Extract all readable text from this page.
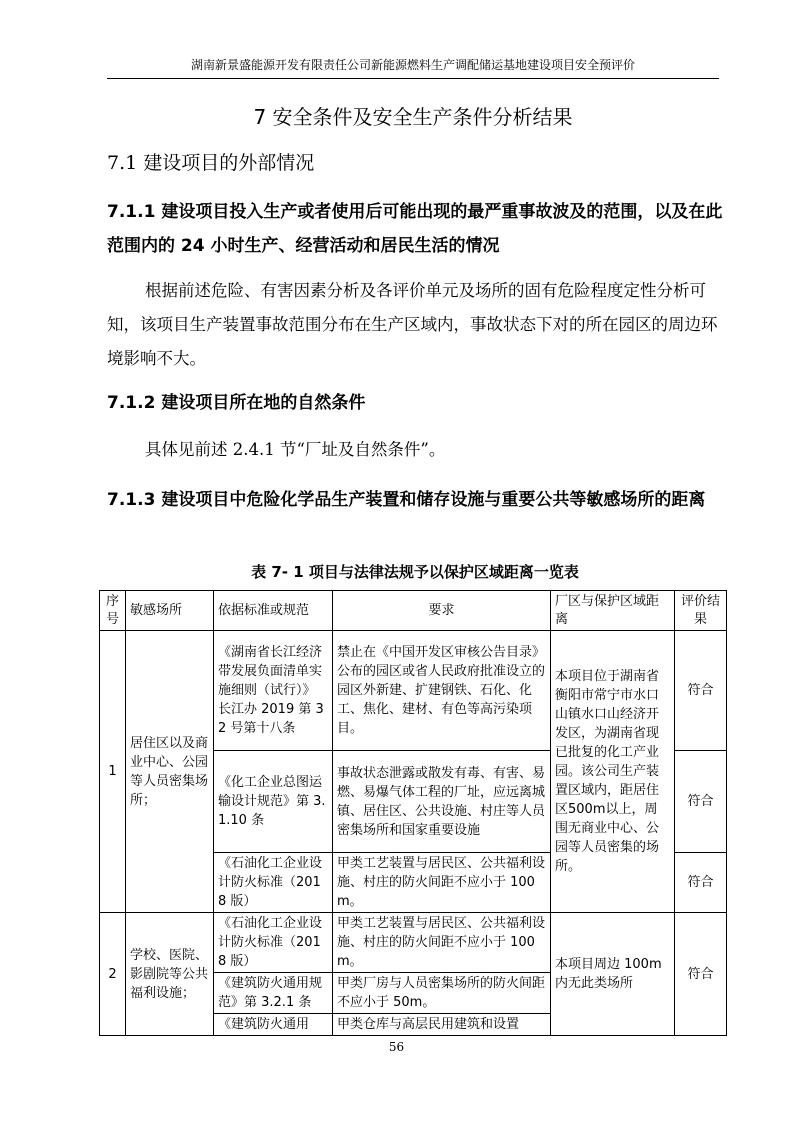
湖南新景盛能源开发有限责任公司新能源燃料生产调配储运基地建设项目安全预评价
7 安全条件及安全生产条件分析结果
7.1 建设项目的外部情况
7.1.1 建设项目投入生产或者使用后可能出现的最严重事故波及的范围，以及在此范围内的 24 小时生产、经营活动和居民生活的情况
根据前述危险、有害因素分析及各评价单元及场所的固有危险程度定性分析可知，该项目生产装置事故范围分布在生产区域内，事故状态下对的所在园区的周边环境影响不大。
7.1.2 建设项目所在地的自然条件
具体见前述 2.4.1 节“厂址及自然条件”。
7.1.3 建设项目中危险化学品生产装置和储存设施与重要公共等敏感场所的距离
表 7- 1 项目与法律法规予以保护区域距离一览表
序号	敏感场所	依据标准或规范	要求	厂区与保护区域距离	评价结果
1	居住区以及商业中心、公园等人员密集场所；	《湖南省长江经济带发展负面清单实施细则（试行）》长江办 2019 第 32 号第十八条	禁止在《中国开发区审核公告目录》公布的园区或省人民政府批准设立的园区外新建、扩建钢铁、石化、化工、焦化、建材、有色等高污染项目。	本项目位于湖南省衡阳市常宁市水口山镇水口山经济开发区，为湖南省现已批复的化工产业园。该公司生产装置区域内，距居住区500m以上，周围无商业中心、公园等人员密集的场所。	符合
		《化工企业总图运输设计规范》第 3.1.10 条	事故状态泄露或散发有毒、有害、易燃、易爆气体工程的厂址，应远离城镇、居住区、公共设施、村庄等人员密集场所和国家重要设施		符合
		《石油化工企业设计防火标准（2018 版）	甲类工艺装置与居民区、公共福利设施、村庄的防火间距不应小于 100m。		符合
2	学校、医院、影剧院等公共福利设施；	《石油化工企业设计防火标准（2018 版）	甲类工艺装置与居民区、公共福利设施、村庄的防火间距不应小于 100m。	本项目周边 100m 内无此类场所	符合
		《建筑防火通用规范》第 3.2.1 条	甲类厂房与人员密集场所的防火间距不应小于 50m。		
		《建筑防火通用	甲类仓库与高层民用建筑和设置		
56
